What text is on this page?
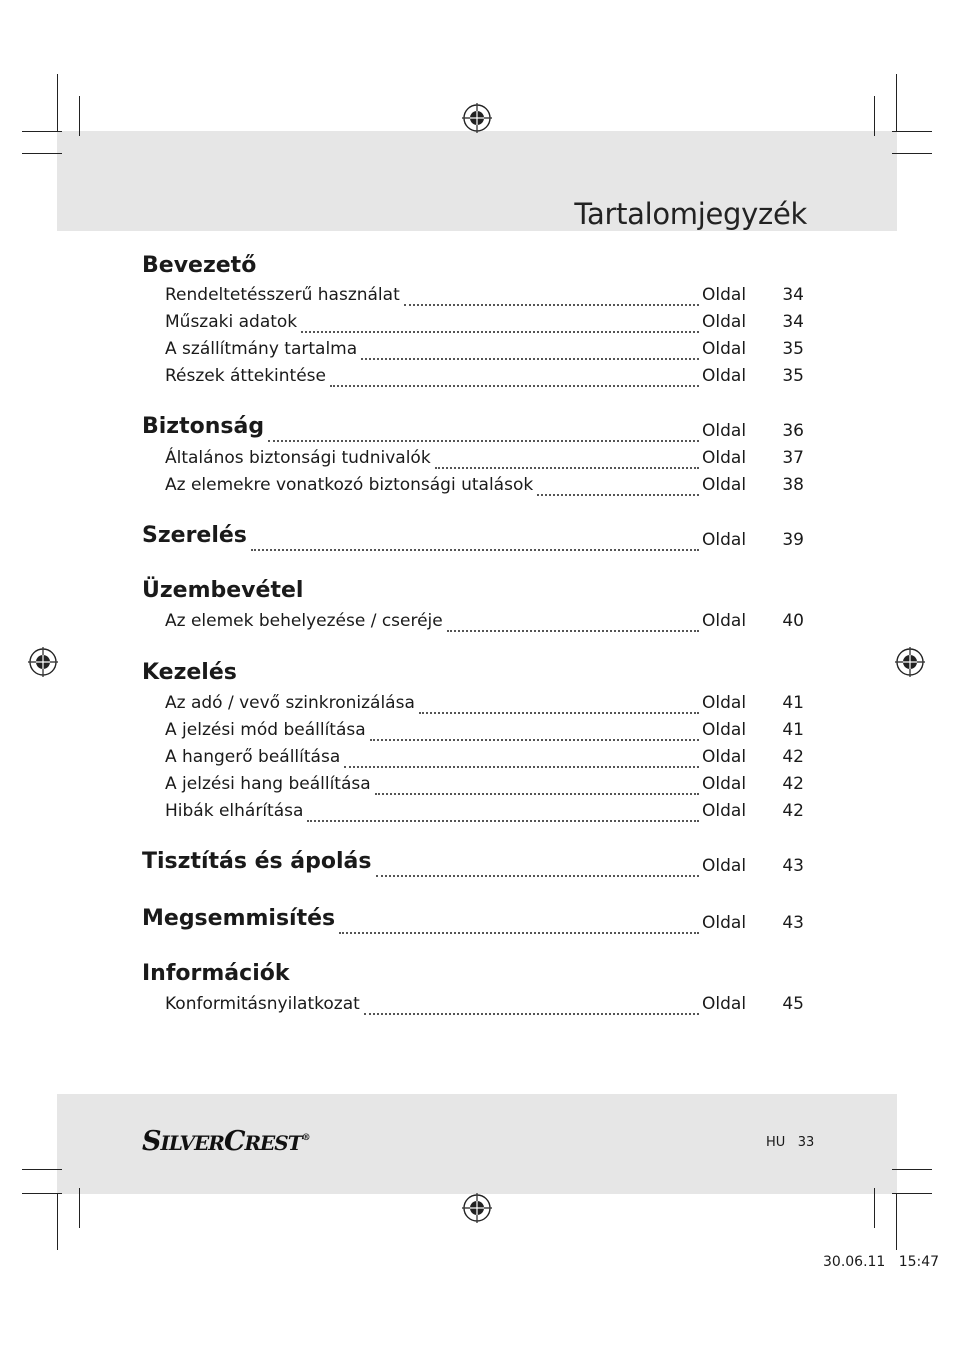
Tartalomjegyzék
Bevezető
Rendeltetésszerű használat	Oldal 34
Műszaki adatok	Oldal 34
A szállítmány tartalma	Oldal 35
Részek áttekintése	Oldal 35
Biztonság	Oldal 36
Általános biztonsági tudnivalók	Oldal 37
Az elemekre vonatkozó biztonsági utalások	Oldal 38
Szerelés	Oldal 39
Üzembevétel
Az elemek behelyezése / cseréje	Oldal 40
Kezelés
Az adó / vevő szinkronizálása	Oldal 41
A jelzési mód beállítása	Oldal 41
A hangerő beállítása	Oldal 42
A jelzési hang beállítása	Oldal 42
Hibák elhárítása	Oldal 42
Tisztítás és ápolás	Oldal 43
Megsemmisítés	Oldal 43
Információk
Konformitásnyilatkozat	Oldal 45
SILVERCREST®	HU 33
30.06.11 15:47
